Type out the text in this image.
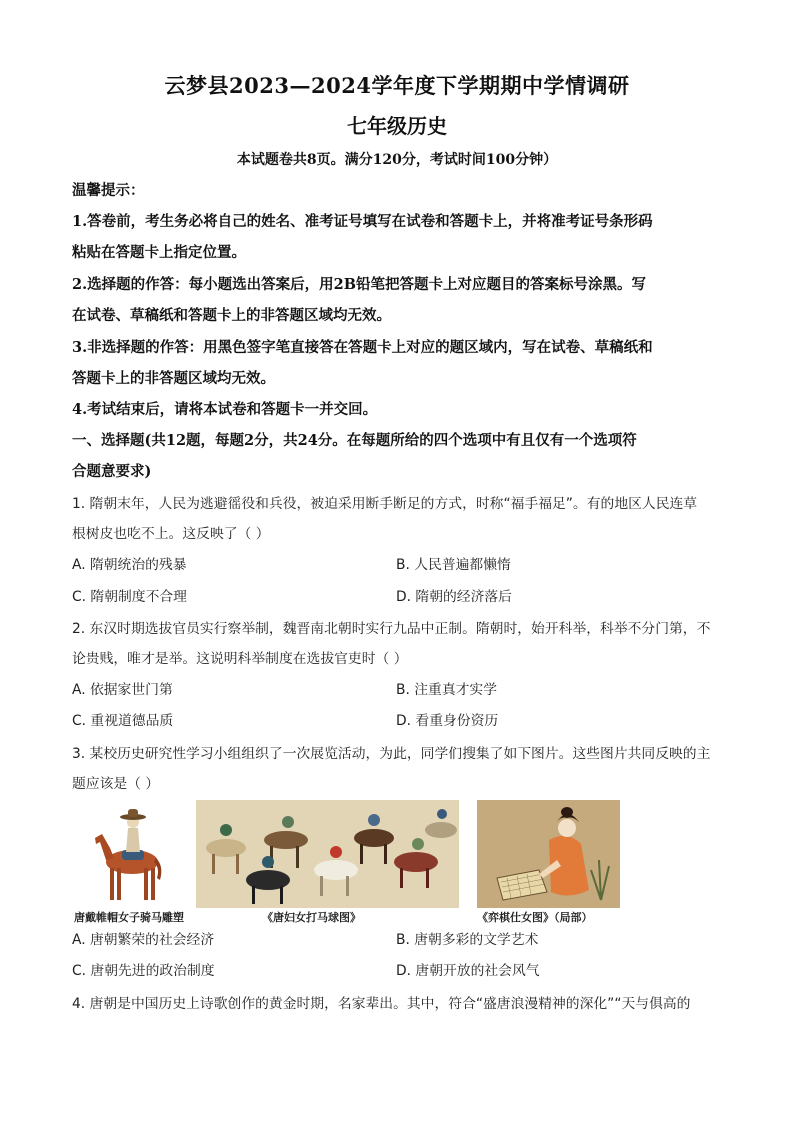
云梦县2023—2024学年度下学期期中学情调研
七年级历史
本试题卷共8页。满分120分，考试时间100分钟）
温馨提示：
1.答卷前，考生务必将自己的姓名、准考证号填写在试卷和答题卡上，并将准考证号条形码
粘贴在答题卡上指定位置。
2.选择题的作答：每小题选出答案后，用2B铅笔把答题卡上对应题目的答案标号涂黑。写
在试卷、草稿纸和答题卡上的非答题区域均无效。
3.非选择题的作答：用黑色签字笔直接答在答题卡上对应的题区域内，写在试卷、草稿纸和
答题卡上的非答题区域均无效。
4.考试结束后，请将本试卷和答题卡一并交回。
一、选择题(共12题，每题2分，共24分。在每题所给的四个选项中有且仅有一个选项符
合题意要求)
1. 隋朝末年，人民为逃避徭役和兵役，被迫采用断手断足的方式，时称“福手福足”。有的地区人民连草
根树皮也吃不上。这反映了（ ）
A. 隋朝统治的残暴	B. 人民普遍都懒惰
C. 隋朝制度不合理	D. 隋朝的经济落后
2. 东汉时期选拔官员实行察举制，魏晋南北朝时实行九品中正制。隋朝时，始开科举，科举不分门第，不
论贵贱，唯才是举。这说明科举制度在选拔官吏时（ ）
A. 依据家世门第	B. 注重真才实学
C. 重视道德品质	D. 看重身份资历
3. 某校历史研究性学习小组组织了一次展览活动，为此，同学们搜集了如下图片。这些图片共同反映的主
题应该是（ ）
唐戴帷帽女子骑马雕塑	《唐妇女打马球图》	《弈棋仕女图》（局部）
A. 唐朝繁荣的社会经济	B. 唐朝多彩的文学艺术
C. 唐朝先进的政治制度	D. 唐朝开放的社会风气
4. 唐朝是中国历史上诗歌创作的黄金时期，名家辈出。其中，符合“盛唐浪漫精神的深化”“天与俱高的
